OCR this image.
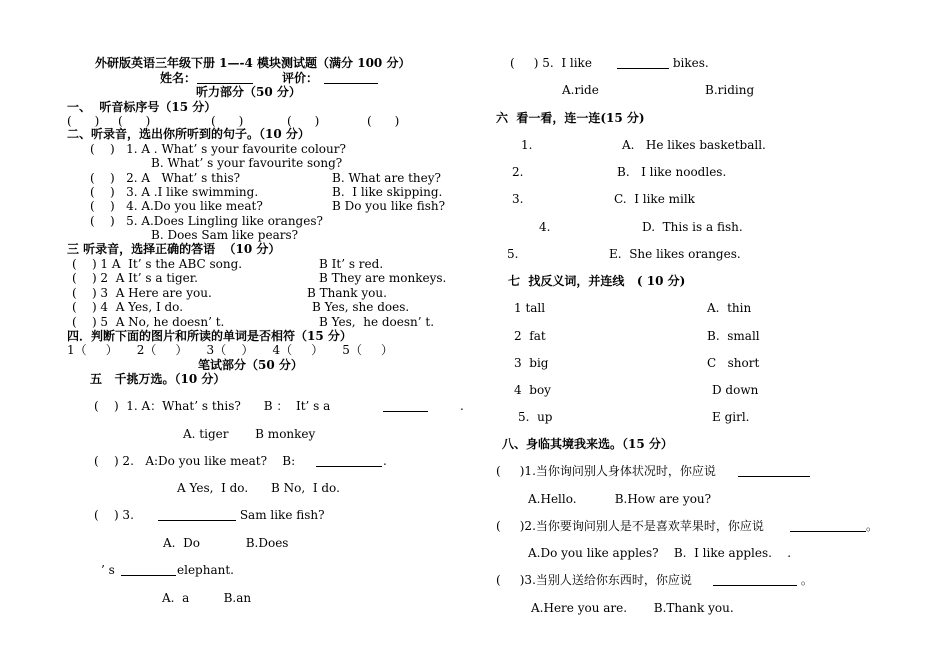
外研版英语三年级下册 1—-4 模块测试题（满分 100 分）
姓名：	评价：
听力部分（50 分）
一、  听音标序号（15 分）
(      ) (      )	(      )	(      )	(      )
二、听录音，选出你所听到的句子。（10 分）
(    )   1. A . What’ s your favourite colour?
B. What’ s your favourite song?
(    )   2. A   What’ s this?	B. What are they?
(    )   3. A .I like swimming.	B.  I like skipping.
(    )   4. A.Do you like meat?	B Do you like fish?
(    )   5. A.Does Lingling like oranges?
B. Does Sam like pears?
三 听录音，选择正确的答语  （10 分）
(    ) 1 A  It’ s the ABC song.	B It’ s red.
(    ) 2  A It’ s a tiger.	B They are monkeys.
(    ) 3  A Here are you.	B Thank you.
(    ) 4  A Yes, I do.	B Yes, she does.
(    ) 5  A No, he doesn’ t.	B Yes,  he doesn’ t.
四．判断下面的图片和所读的单词是否相符（15 分）
1（     ）     2（     ）     3（    ）     4（     ）     5（     ）
笔试部分（50 分）
五   千挑万选。（10 分）
(    )  1. A：What’ s this?      B ：  It’ s a	.
A. tiger       B monkey
(    ) 2.   A:Do you like meat?    B:	.
A Yes,  I do.      B No,  I do.
(    ) 3.	Sam like fish?
A.  Do            B.Does
’ s	elephant.
A.  a         B.an
(     ) 5.  I like	bikes.
A.ride	B.riding
六  看一看，连一连(15 分)
1.	A.   He likes basketball.
2.	B.   I like noodles.
3.	C.  I like milk
4.	D.  This is a fish.
5.	E.  She likes oranges.
七  找反义词，并连线   ( 10 分)
1 tall	A.  thin
2  fat	B.  small
3  big	C   short
4  boy	D down
5.  up	E girl.
八、身临其境我来选。（15 分）
(     )1.当你询问别人身体状况时，你应说
A.Hello.          B.How are you?
(     )2.当你要询问别人是不是喜欢苹果时，你应说	。
A.Do you like apples?    B.  I like apples.    .
(     )3.当别人送给你东西时，你应说	。
A.Here you are.       B.Thank you.
